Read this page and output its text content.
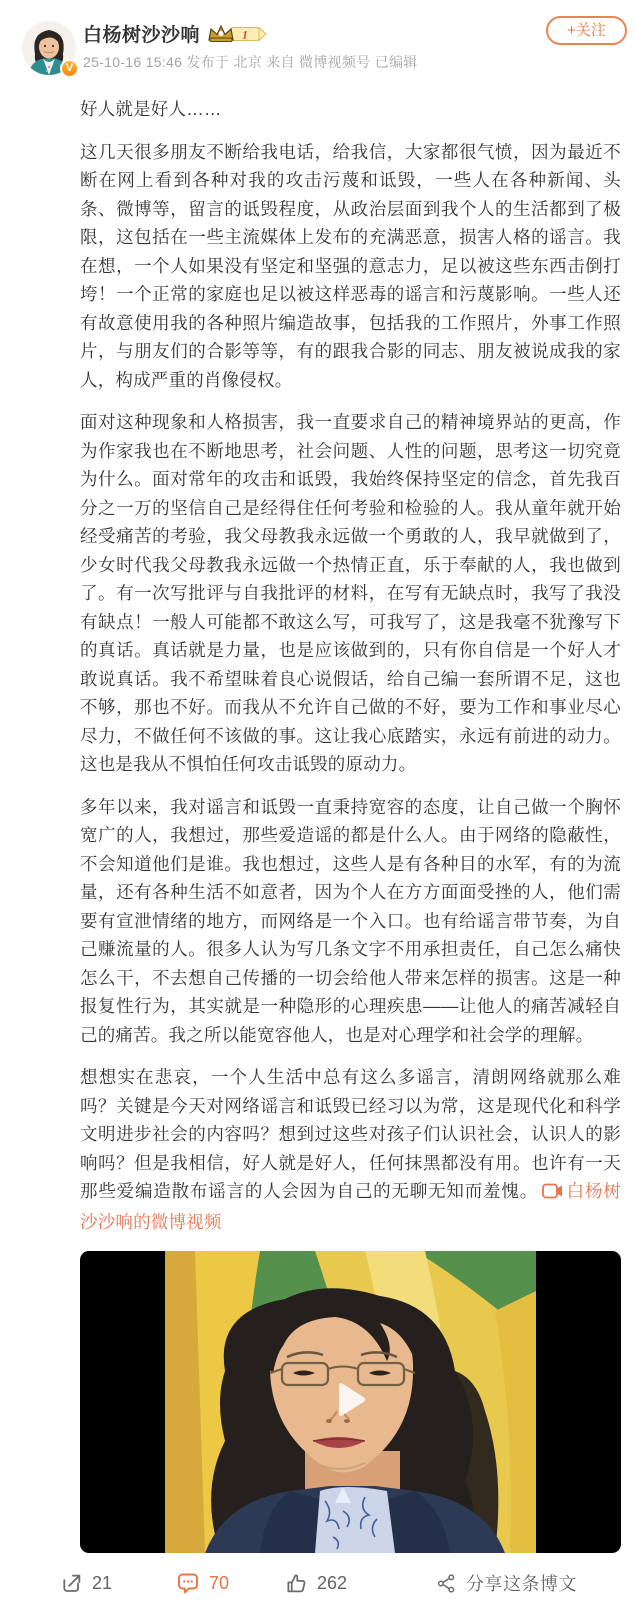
V
白杨树沙沙响	1
25-10-16 15:46 发布于 北京 来自 微博视频号 已编辑
+关注

好人就是好人……

这几天很多朋友不断给我电话，给我信，大家都很气愤，因为最近不断在网上看到各种对我的攻击污蔑和诋毁，一些人在各种新闻、头条、微博等，留言的诋毁程度，从政治层面到我个人的生活都到了极限，这包括在一些主流媒体上发布的充满恶意，损害人格的谣言。我在想，一个人如果没有坚定和坚强的意志力，足以被这些东西击倒打垮！一个正常的家庭也足以被这样恶毒的谣言和污蔑影响。一些人还有故意使用我的各种照片编造故事，包括我的工作照片，外事工作照片，与朋友们的合影等等，有的跟我合影的同志、朋友被说成我的家人，构成严重的肖像侵权。

面对这种现象和人格损害，我一直要求自己的精神境界站的更高，作为作家我也在不断地思考，社会问题、人性的问题，思考这一切究竟为什么。面对常年的攻击和诋毁，我始终保持坚定的信念，首先我百分之一万的坚信自己是经得住任何考验和检验的人。我从童年就开始经受痛苦的考验，我父母教我永远做一个勇敢的人，我早就做到了，少女时代我父母教我永远做一个热情正直，乐于奉献的人，我也做到了。有一次写批评与自我批评的材料，在写有无缺点时，我写了我没有缺点！一般人可能都不敢这么写，可我写了，这是我毫不犹豫写下的真话。真话就是力量，也是应该做到的，只有你自信是一个好人才敢说真话。我不希望昧着良心说假话，给自己编一套所谓不足，这也不够，那也不好。而我从不允许自己做的不好，要为工作和事业尽心尽力，不做任何不该做的事。这让我心底踏实，永远有前进的动力。这也是我从不惧怕任何攻击诋毁的原动力。

多年以来，我对谣言和诋毁一直秉持宽容的态度，让自己做一个胸怀宽广的人，我想过，那些爱造谣的都是什么人。由于网络的隐蔽性，不会知道他们是谁。我也想过，这些人是有各种目的水军，有的为流量，还有各种生活不如意者，因为个人在方方面面受挫的人，他们需要有宣泄情绪的地方，而网络是一个入口。也有给谣言带节奏，为自己赚流量的人。很多人认为写几条文字不用承担责任，自己怎么痛快怎么干，不去想自己传播的一切会给他人带来怎样的损害。这是一种报复性行为，其实就是一种隐形的心理疾患——让他人的痛苦减轻自己的痛苦。我之所以能宽容他人，也是对心理学和社会学的理解。

想想实在悲哀，一个人生活中总有这么多谣言，清朗网络就那么难吗？关键是今天对网络谣言和诋毁已经习以为常，这是现代化和科学文明进步社会的内容吗？想到过这些对孩子们认识社会，认识人的影响吗？但是我相信，好人就是好人，任何抹黑都没有用。也许有一天那些爱编造散布谣言的人会因为自己的无聊无知而羞愧。 白杨树沙沙响的微博视频

21	70	262	分享这条博文
